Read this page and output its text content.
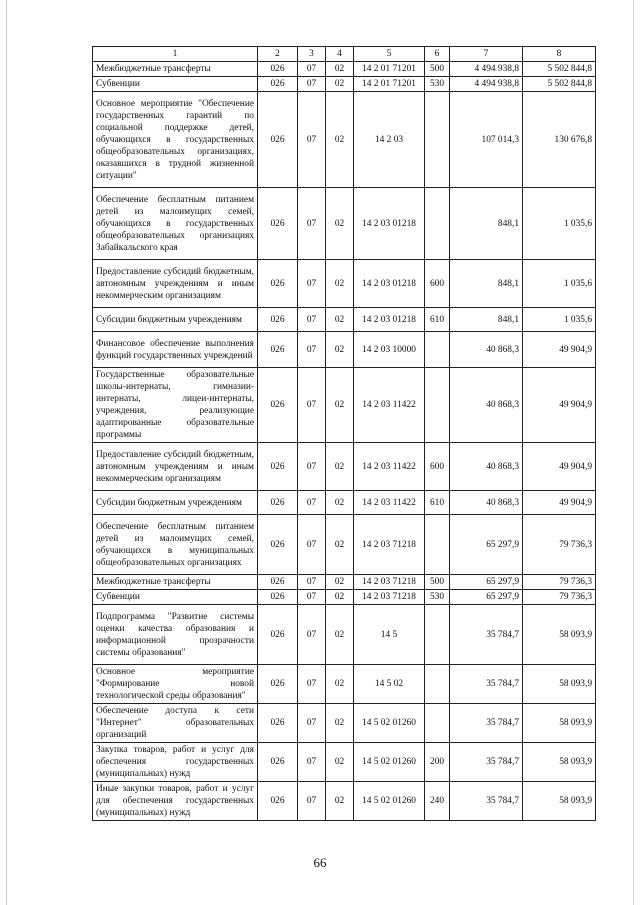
1	2	3	4	5	6	7	8
Межбюджетные трансферты	026	07	02	14 2 01 71201	500	4 494 938,8	5 502 844,8
Субвенции	026	07	02	14 2 01 71201	530	4 494 938,8	5 502 844,8
Основное мероприятие "Обеспечение государственных гарантий по социальной поддержке детей, обучающихся в государственных общеобразовательных организациях, оказавшихся в трудной жизненной ситуации"	026	07	02	14 2 03		107 014,3	130 676,8
Обеспечение бесплатным питанием детей из малоимущих семей, обучающихся в государственных общеобразовательных организациях Забайкальского края	026	07	02	14 2 03 01218		848,1	1 035,6
Предоставление субсидий бюджетным, автономным учреждениям и иным некоммерческим организациям	026	07	02	14 2 03 01218	600	848,1	1 035,6
Субсидии бюджетным учреждениям	026	07	02	14 2 03 01218	610	848,1	1 035,6
Финансовое обеспечение выполнения функций государственных учреждений	026	07	02	14 2 03 10000		40 868,3	49 904,9
Государственные образовательные школы-интернаты, гимназии-интернаты, лицеи-интернаты, учреждения, реализующие адаптированные образовательные программы	026	07	02	14 2 03 11422		40 868,3	49 904,9
Предоставление субсидий бюджетным, автономным учреждениям и иным некоммерческим организациям	026	07	02	14 2 03 11422	600	40 868,3	49 904,9
Субсидии бюджетным учреждениям	026	07	02	14 2 03 11422	610	40 868,3	49 904,9
Обеспечение бесплатным питанием детей из малоимущих семей, обучающихся в муниципальных общеобразовательных организациях	026	07	02	14 2 03 71218		65 297,9	79 736,3
Межбюджетные трансферты	026	07	02	14 2 03 71218	500	65 297,9	79 736,3
Субвенции	026	07	02	14 2 03 71218	530	65 297,9	79 736,3
Подпрограмма "Развитие системы оценки качества образования и информационной прозрачности системы образования"	026	07	02	14 5		35 784,7	58 093,9
Основное мероприятие "Формирование новой технологической среды образования"	026	07	02	14 5 02		35 784,7	58 093,9
Обеспечение доступа к сети "Интернет" образовательных организаций	026	07	02	14 5 02 01260		35 784,7	58 093,9
Закупка товаров, работ и услуг для обеспечения государственных (муниципальных) нужд	026	07	02	14 5 02 01260	200	35 784,7	58 093,9
Иные закупки товаров, работ и услуг для обеспечения государственных (муниципальных) нужд	026	07	02	14 5 02 01260	240	35 784,7	58 093,9
66
